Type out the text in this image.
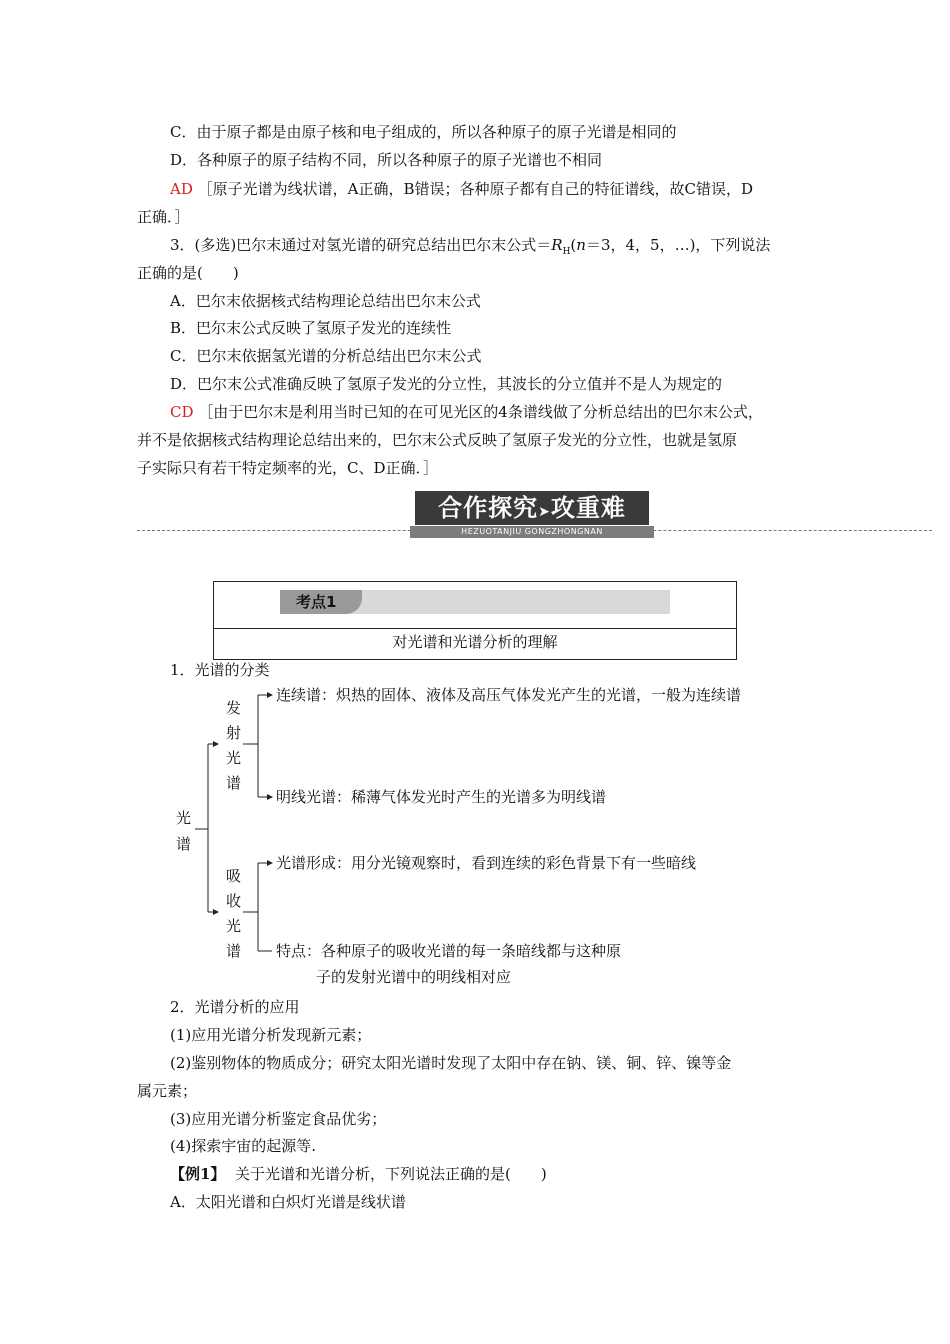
C．由于原子都是由原子核和电子组成的，所以各种原子的原子光谱是相同的
D．各种原子的原子结构不同，所以各种原子的原子光谱也不相同
AD ［原子光谱为线状谱，A正确，B错误；各种原子都有自己的特征谱线，故C错误，D
正确．］
3．(多选)巴尔末通过对氢光谱的研究总结出巴尔末公式$=R_H(n=3$，4，5，…)，下列说法
正确的是(　　)
A．巴尔末依据核式结构理论总结出巴尔末公式
B．巴尔末公式反映了氢原子发光的连续性
C．巴尔末依据氢光谱的分析总结出巴尔末公式
D．巴尔末公式准确反映了氢原子发光的分立性，其波长的分立值并不是人为规定的
CD ［由于巴尔末是利用当时已知的在可见光区的4条谱线做了分析总结出的巴尔末公式，
并不是依据核式结构理论总结出来的，巴尔末公式反映了氢原子发光的分立性，也就是氢原
子实际只有若干特定频率的光，C、D正确．］
合作探究➤攻重难
HEZUOTANJIU GONGZHONGNAN
考点1
对光谱和光谱分析的理解
1．光谱的分类
光
谱
发
射
光
谱
吸
收
光
谱
连续谱：炽热的固体、液体及高压气体发光产生的光谱，一般为连续谱
明线光谱：稀薄气体发光时产生的光谱多为明线谱
光谱形成：用分光镜观察时，看到连续的彩色背景下有一些暗线
特点：各种原子的吸收光谱的每一条暗线都与这种原
子的发射光谱中的明线相对应
2．光谱分析的应用
(1)应用光谱分析发现新元素；
(2)鉴别物体的物质成分；研究太阳光谱时发现了太阳中存在钠、镁、铜、锌、镍等金
属元素；
(3)应用光谱分析鉴定食品优劣；
(4)探索宇宙的起源等.
【例1】 关于光谱和光谱分析，下列说法正确的是(　　)
A．太阳光谱和白炽灯光谱是线状谱
